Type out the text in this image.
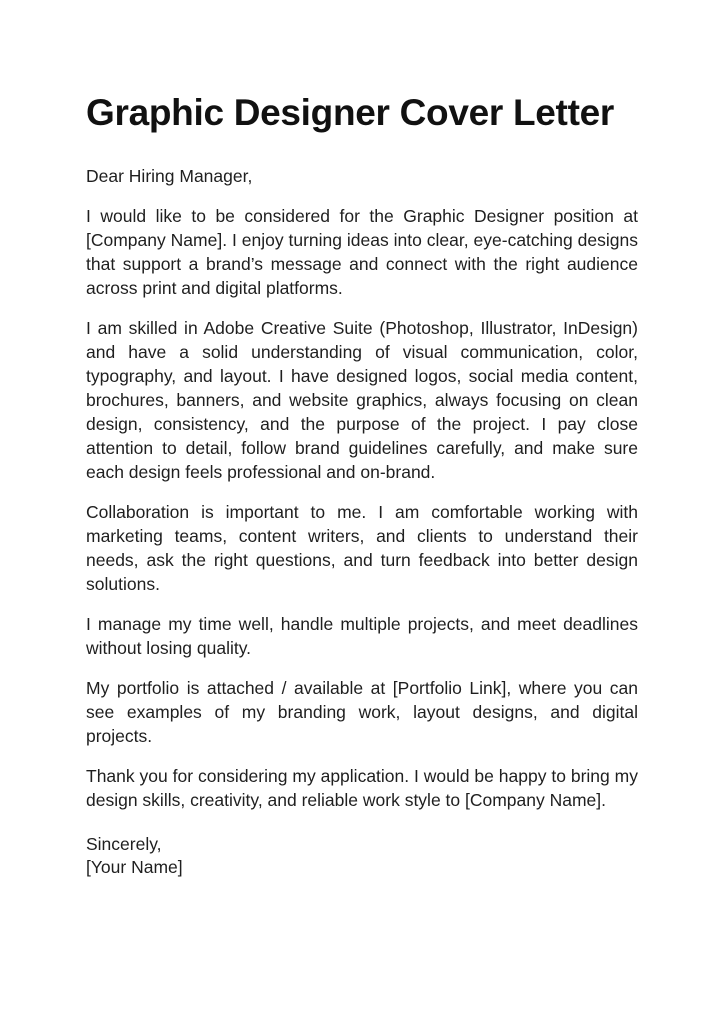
Graphic Designer Cover Letter

Dear Hiring Manager,

I would like to be considered for the Graphic Designer position at [Company Name]. I enjoy turning ideas into clear, eye-catching designs that support a brand’s message and connect with the right audience across print and digital platforms.

I am skilled in Adobe Creative Suite (Photoshop, Illustrator, InDesign) and have a solid understanding of visual communication, color, typography, and layout. I have designed logos, social media content, brochures, banners, and website graphics, always focusing on clean design, consistency, and the purpose of the project. I pay close attention to detail, follow brand guidelines carefully, and make sure each design feels professional and on-brand.

Collaboration is important to me. I am comfortable working with marketing teams, content writers, and clients to understand their needs, ask the right questions, and turn feedback into better design solutions.

I manage my time well, handle multiple projects, and meet deadlines without losing quality.

My portfolio is attached / available at [Portfolio Link], where you can see examples of my branding work, layout designs, and digital projects.

Thank you for considering my application. I would be happy to bring my design skills, creativity, and reliable work style to [Company Name].

Sincerely,
[Your Name]
